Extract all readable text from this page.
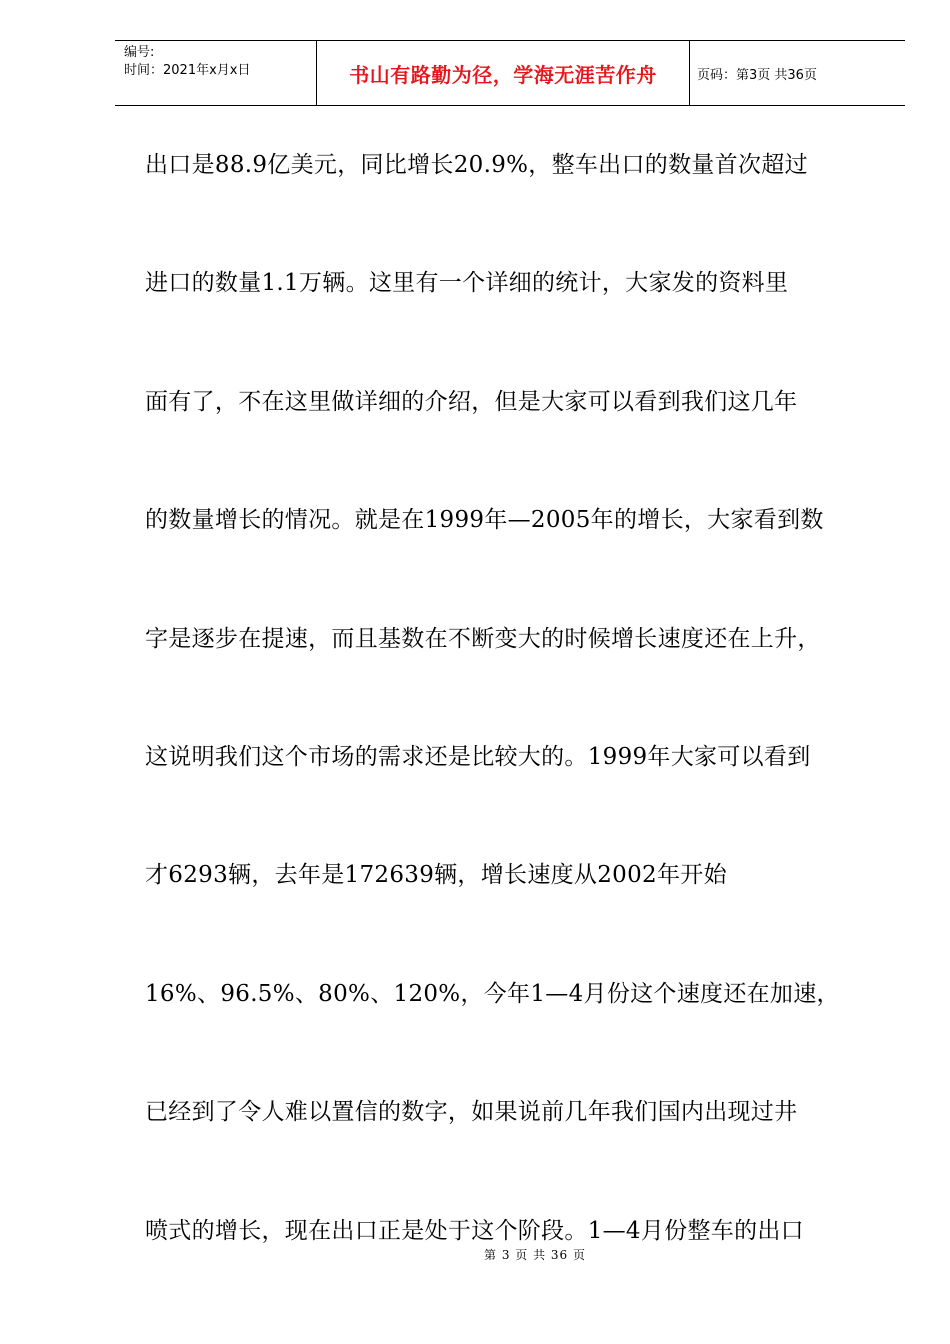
编号:
时间：2021年x月x日	书山有路勤为径，学海无涯苦作舟	页码：第3页 共36页
出口是88.9亿美元，同比增长20.9%，整车出口的数量首次超过
进口的数量1.1万辆。这里有一个详细的统计，大家发的资料里
面有了，不在这里做详细的介绍，但是大家可以看到我们这几年
的数量增长的情况。就是在1999年—2005年的增长，大家看到数
字是逐步在提速，而且基数在不断变大的时候增长速度还在上升，
这说明我们这个市场的需求还是比较大的。1999年大家可以看到
才6293辆，去年是172639辆，增长速度从2002年开始
16%、96.5%、80%、120%，今年1—4月份这个速度还在加速，
已经到了令人难以置信的数字，如果说前几年我们国内出现过井
喷式的增长，现在出口正是处于这个阶段。1—4月份整车的出口
第 3 页 共 36 页
